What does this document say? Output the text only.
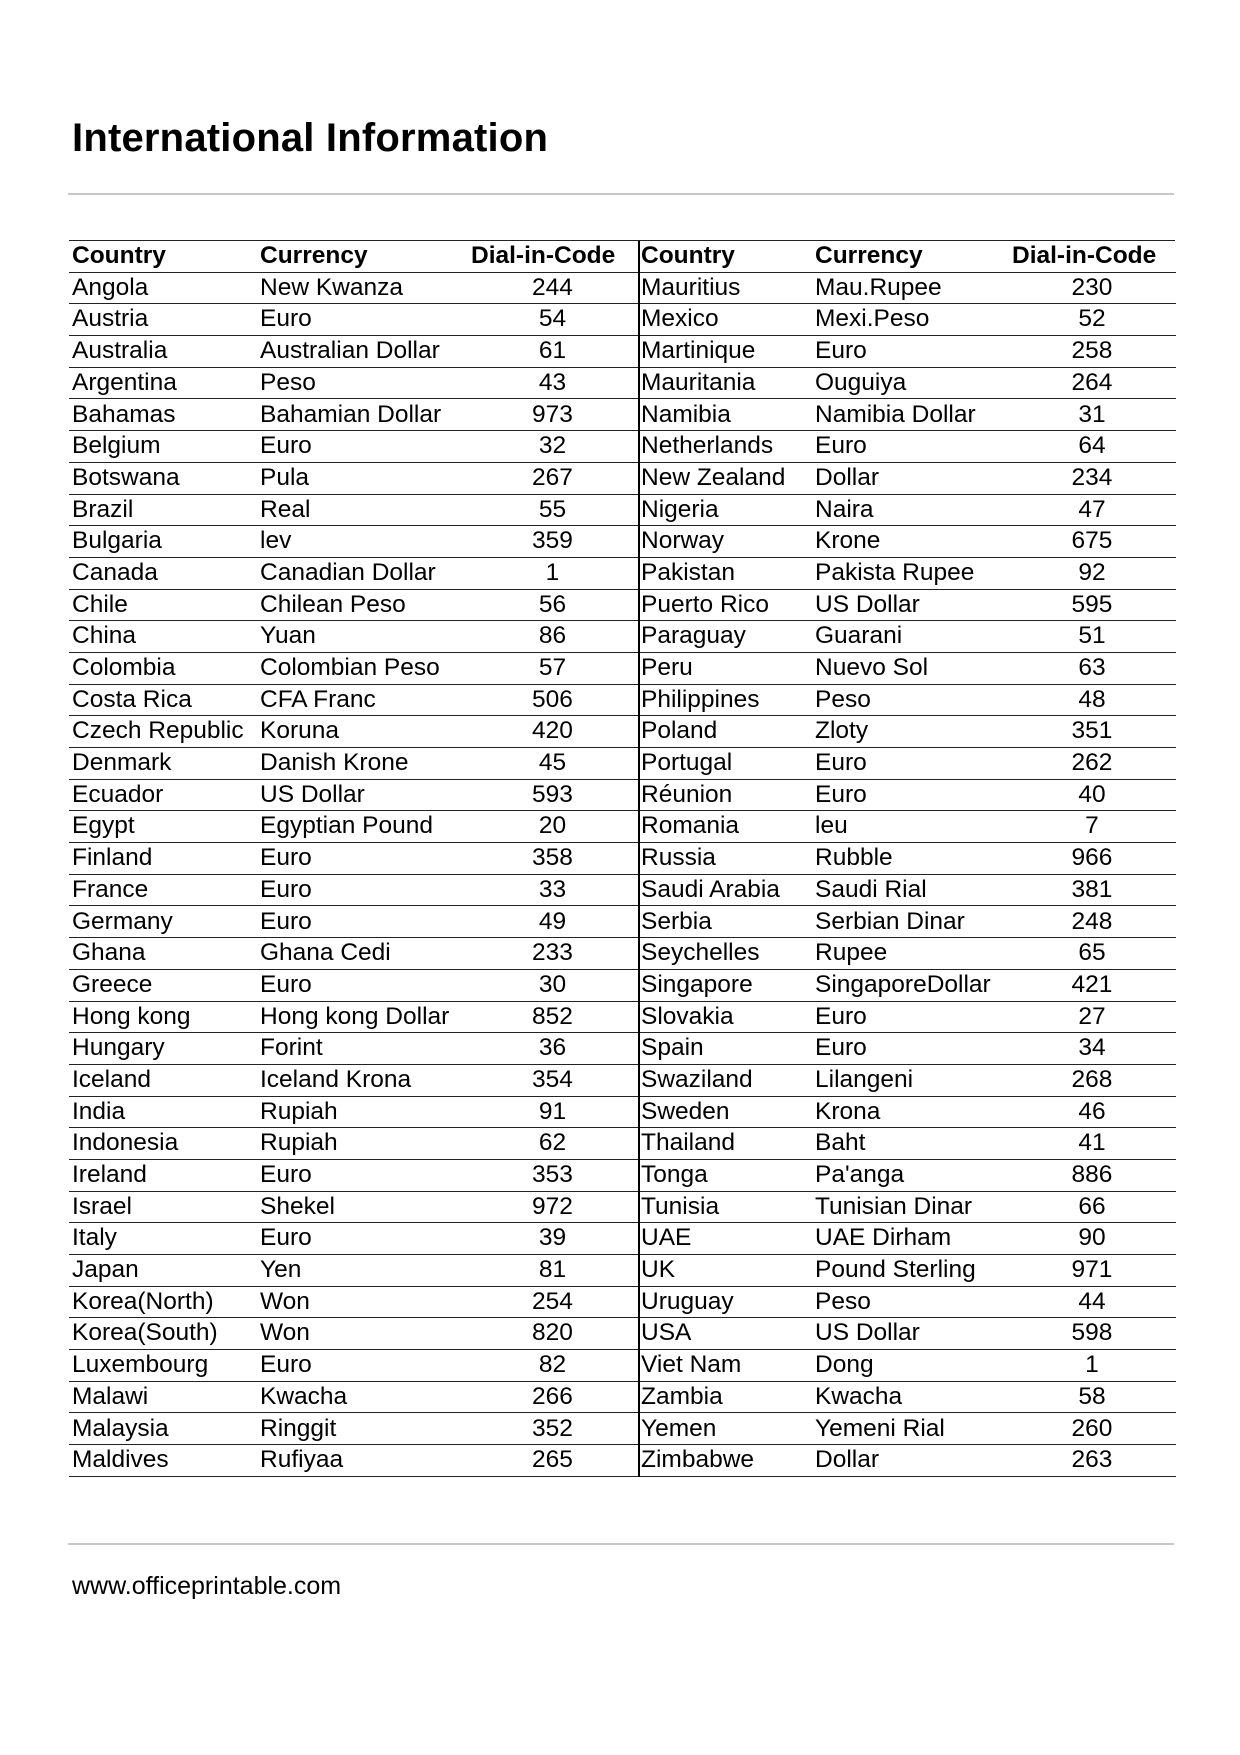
International Information
Country	Currency	Dial-in-Code
Angola	New Kwanza	244
Austria	Euro	54
Australia	Australian Dollar	61
Argentina	Peso	43
Bahamas	Bahamian Dollar	973
Belgium	Euro	32
Botswana	Pula	267
Brazil	Real	55
Bulgaria	lev	359
Canada	Canadian Dollar	1
Chile	Chilean Peso	56
China	Yuan	86
Colombia	Colombian Peso	57
Costa Rica	CFA Franc	506
Czech Republic	Koruna	420
Denmark	Danish Krone	45
Ecuador	US Dollar	593
Egypt	Egyptian Pound	20
Finland	Euro	358
France	Euro	33
Germany	Euro	49
Ghana	Ghana Cedi	233
Greece	Euro	30
Hong kong	Hong kong Dollar	852
Hungary	Forint	36
Iceland	Iceland Krona	354
India	Rupiah	91
Indonesia	Rupiah	62
Ireland	Euro	353
Israel	Shekel	972
Italy	Euro	39
Japan	Yen	81
Korea(North)	Won	254
Korea(South)	Won	820
Luxembourg	Euro	82
Malawi	Kwacha	266
Malaysia	Ringgit	352
Maldives	Rufiyaa	265
Country	Currency	Dial-in-Code
Mauritius	Mau.Rupee	230
Mexico	Mexi.Peso	52
Martinique	Euro	258
Mauritania	Ouguiya	264
Namibia	Namibia Dollar	31
Netherlands	Euro	64
New Zealand	Dollar	234
Nigeria	Naira	47
Norway	Krone	675
Pakistan	Pakista Rupee	92
Puerto Rico	US Dollar	595
Paraguay	Guarani	51
Peru	Nuevo Sol	63
Philippines	Peso	48
Poland	Zloty	351
Portugal	Euro	262
Réunion	Euro	40
Romania	leu	7
Russia	Rubble	966
Saudi Arabia	Saudi Rial	381
Serbia	Serbian Dinar	248
Seychelles	Rupee	65
Singapore	SingaporeDollar	421
Slovakia	Euro	27
Spain	Euro	34
Swaziland	Lilangeni	268
Sweden	Krona	46
Thailand	Baht	41
Tonga	Pa'anga	886
Tunisia	Tunisian Dinar	66
UAE	UAE Dirham	90
UK	Pound Sterling	971
Uruguay	Peso	44
USA	US Dollar	598
Viet Nam	Dong	1
Zambia	Kwacha	58
Yemen	Yemeni Rial	260
Zimbabwe	Dollar	263
www.officeprintable.com
